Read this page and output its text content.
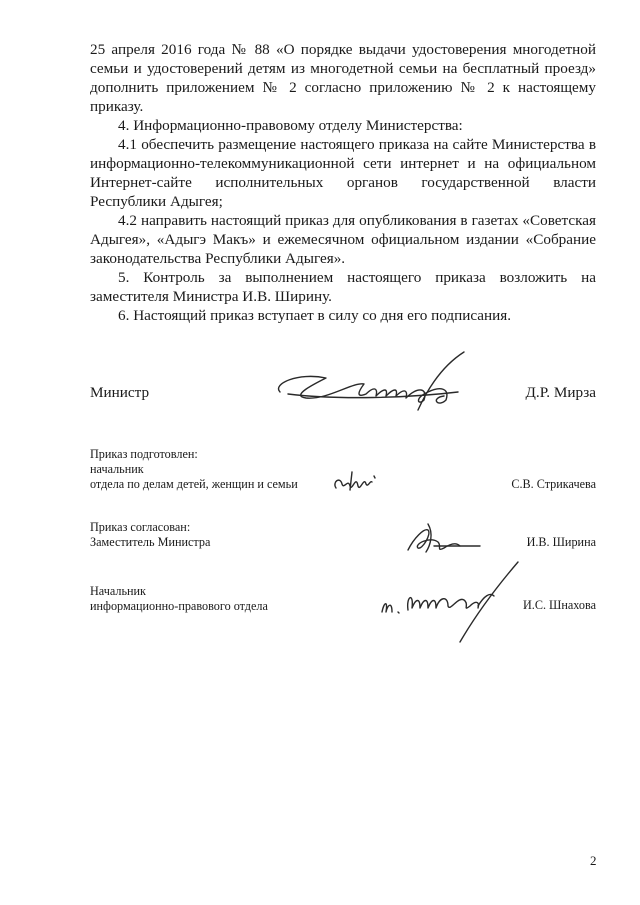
25 апреля 2016 года № 88 «О порядке выдачи удостоверения многодетной семьи и удостоверений детям из многодетной семьи на бесплатный проезд» дополнить приложением № 2 согласно приложению № 2 к настоящему приказу.

4. Информационно-правовому отделу Министерства:

4.1 обеспечить размещение настоящего приказа на сайте Министерства в информационно-телекоммуникационной сети интернет и на официальном Интернет-сайте исполнительных органов государственной власти Республики Адыгея;

4.2 направить настоящий приказ для опубликования в газетах «Советская Адыгея», «Адыгэ Макъ» и ежемесячном официальном издании «Собрание законодательства Республики Адыгея».

5. Контроль за выполнением настоящего приказа возложить на заместителя Министра И.В. Ширину.

6. Настоящий приказ вступает в силу со дня его подписания.

Министр	Д.Р. Мирза
Приказ подготовлен:
начальник
отдела по делам детей, женщин и семьи	С.В. Стрикачева
Приказ согласован:
Заместитель Министра	И.В. Ширина
Начальник
информационно-правового отдела	И.С. Шнахова
2
